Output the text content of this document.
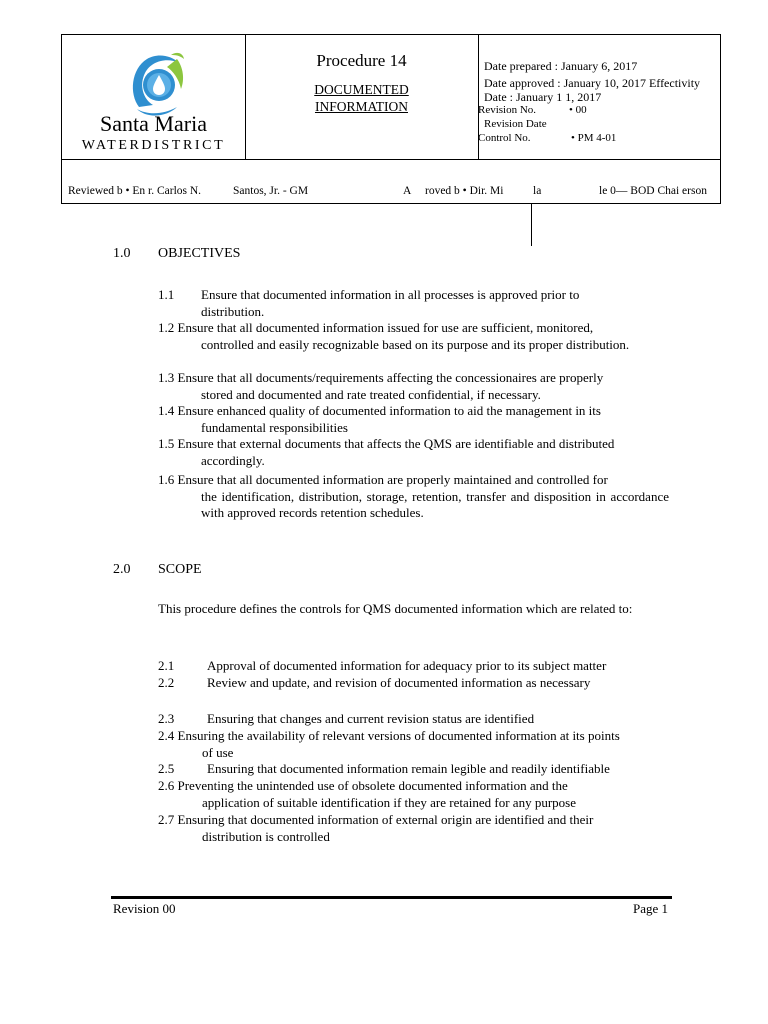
Santa Maria
WATERDISTRICT
Procedure 14
DOCUMENTED
INFORMATION
Date prepared : January 6, 2017
Date approved : January 10, 2017 Effectivity
Date : January 1 1, 2017
Revision No.	• 00
Revision Date
Control No.	• PM 4-01
Reviewed b • En r. Carlos N.	Santos, Jr. - GM	A roved b • Dir. Mi	la	le 0— BOD Chai erson
1.0 OBJECTIVES
1.1 Ensure that documented information in all processes is approved prior to
distribution.
1.2 Ensure that all documented information issued for use are sufficient, monitored,
controlled and easily recognizable based on its purpose and its proper distribution.
1.3 Ensure that all documents/requirements affecting the concessionaires are properly
stored and documented and rate treated confidential, if necessary.
1.4 Ensure enhanced quality of documented information to aid the management in its
fundamental responsibilities
1.5 Ensure that external documents that affects the QMS are identifiable and distributed
accordingly.
1.6 Ensure that all documented information are properly maintained and controlled for
the identification, distribution, storage, retention, transfer and disposition in accordance with approved records retention schedules.
2.0 SCOPE
This procedure defines the controls for QMS documented information which are related to:
2.1	Approval of documented information for adequacy prior to its subject matter
2.2	Review and update, and revision of documented information as necessary
2.3	Ensuring that changes and current revision status are identified
2.4 Ensuring the availability of relevant versions of documented information at its points
of use
2.5	Ensuring that documented information remain legible and readily identifiable
2.6 Preventing the unintended use of obsolete documented information and the
application of suitable identification if they are retained for any purpose
2.7 Ensuring that documented information of external origin are identified and their
distribution is controlled
Revision 00	Page 1
